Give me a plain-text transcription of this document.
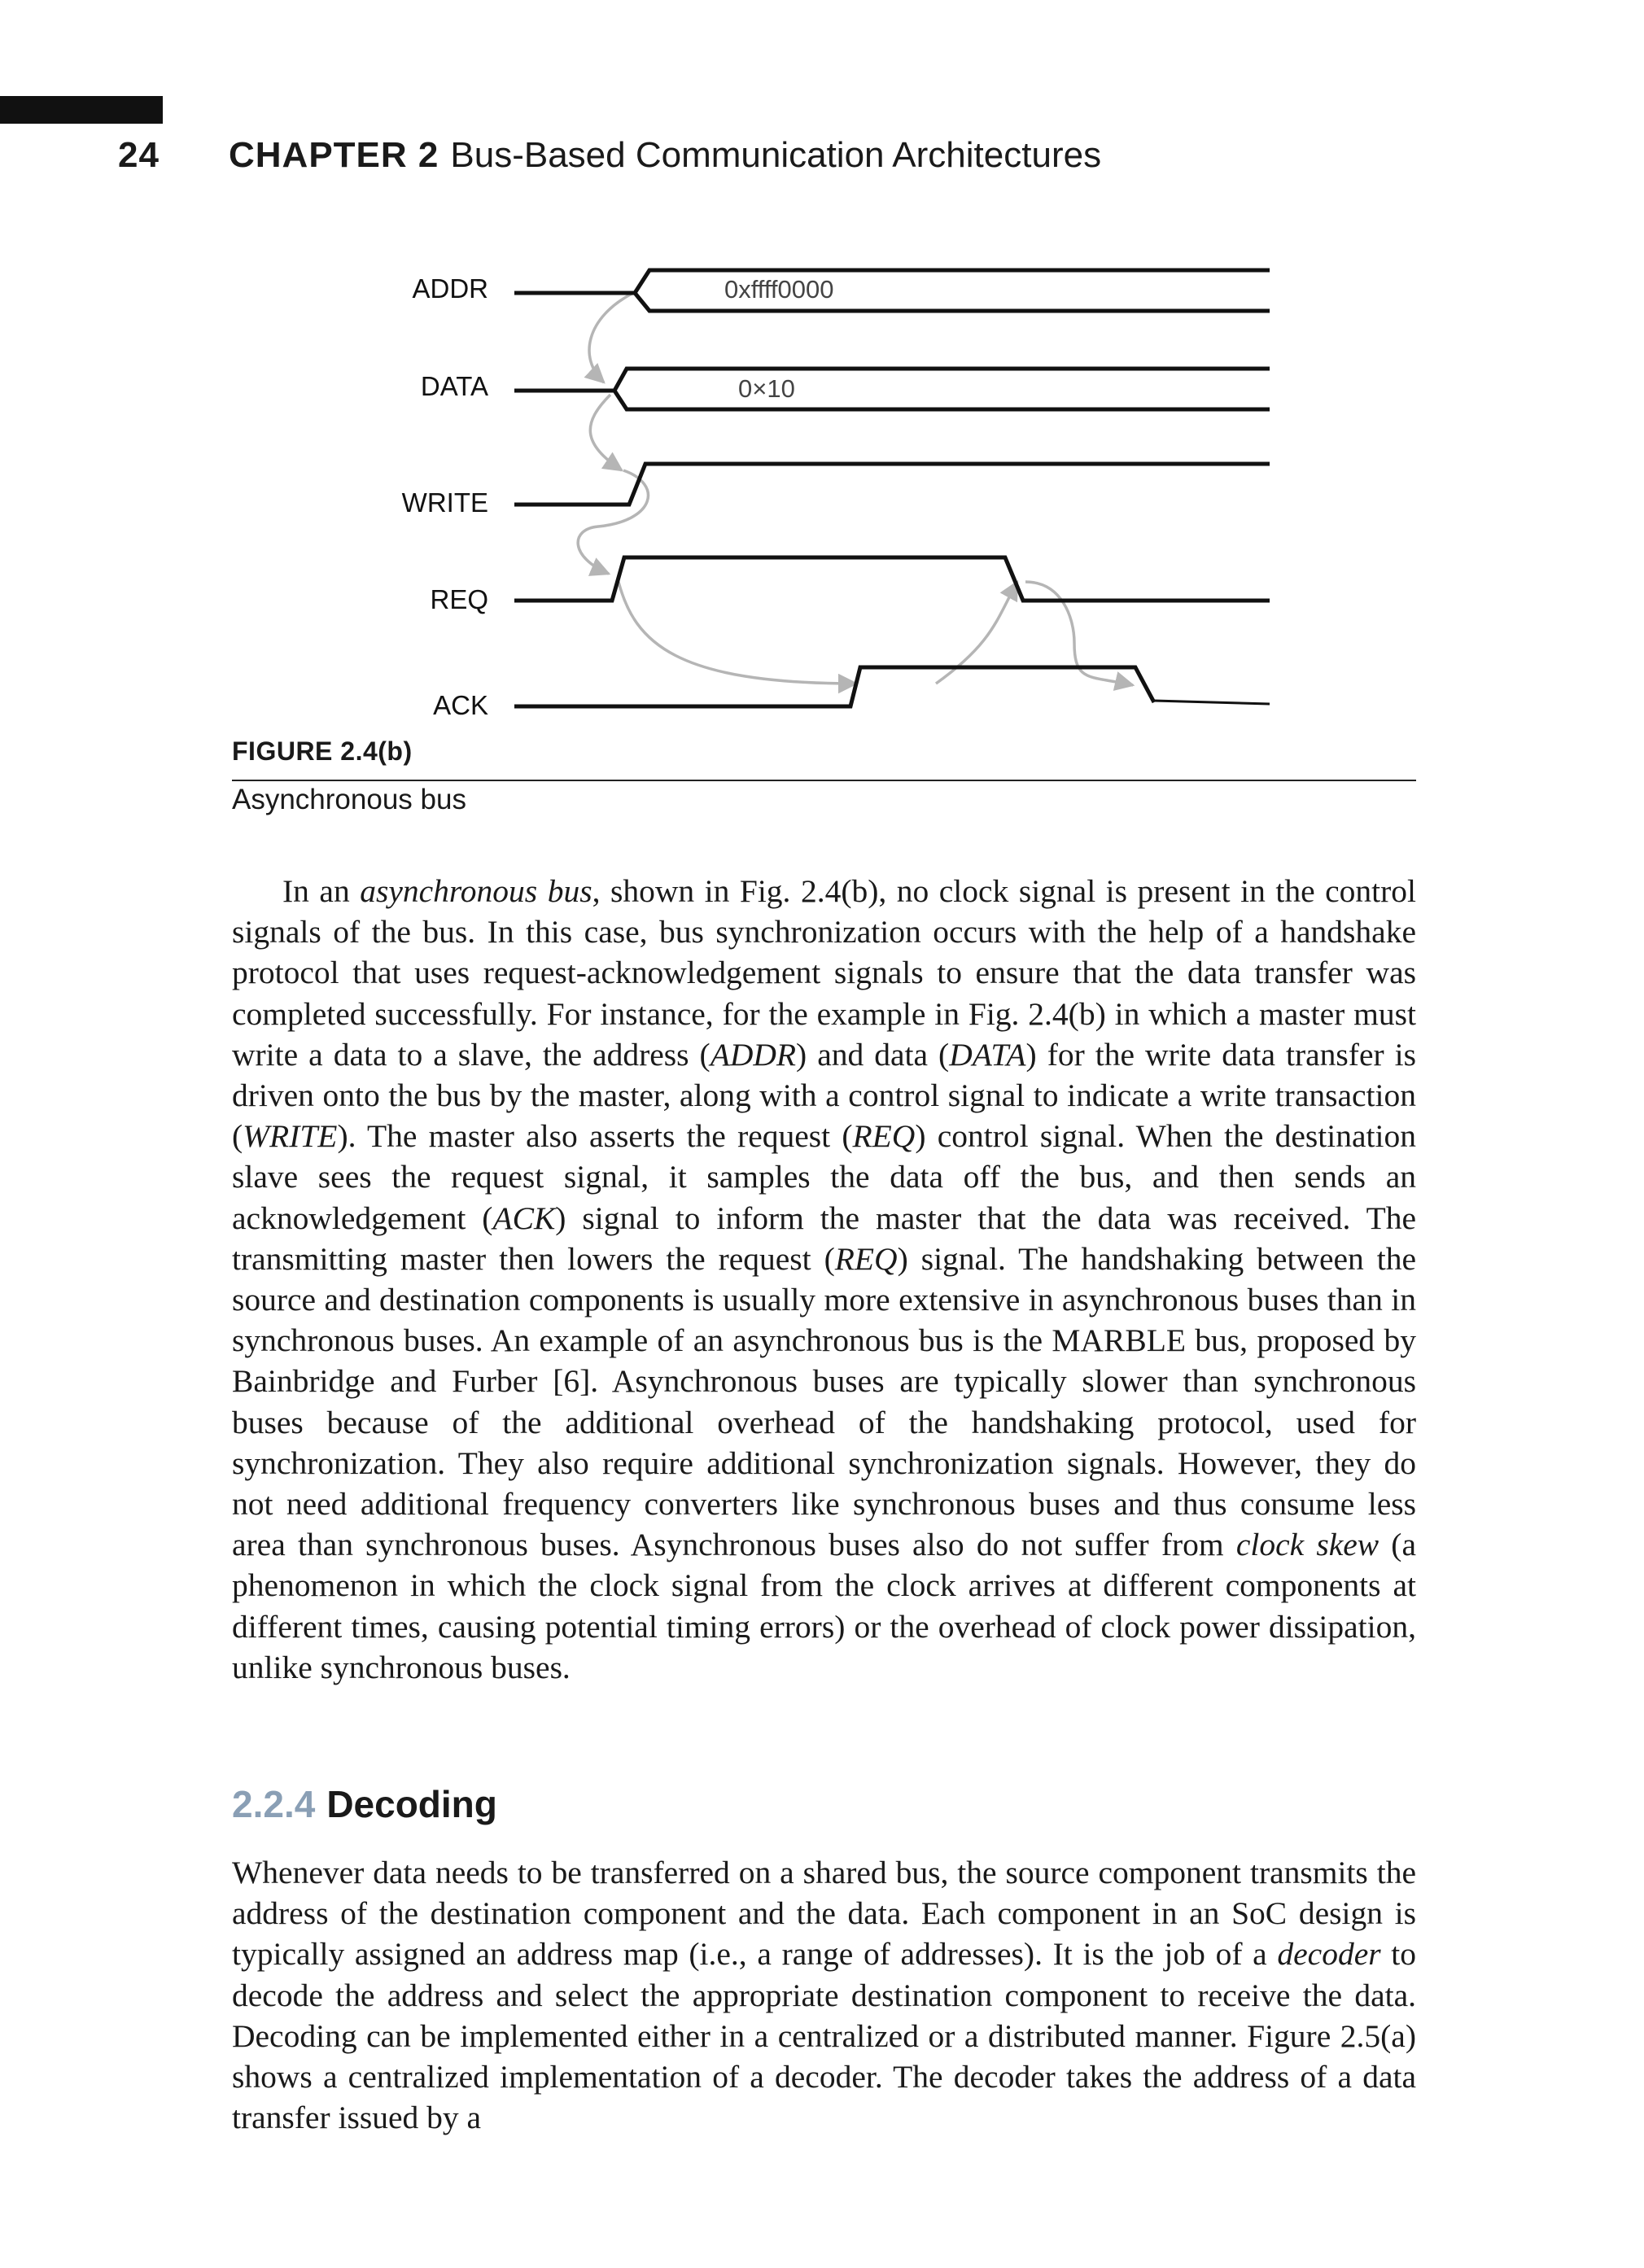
24	CHAPTER 2 Bus-Based Communication Architectures
ADDR
DATA
WRITE
REQ
ACK
0xffff0000
0×10
FIGURE 2.4(b)
Asynchronous bus
In an asynchronous bus, shown in Fig. 2.4(b), no clock signal is present in the control signals of the bus. In this case, bus synchronization occurs with the help of a handshake protocol that uses request-acknowledgement signals to ensure that the data transfer was completed successfully. For instance, for the example in Fig. 2.4(b) in which a master must write a data to a slave, the address (ADDR) and data (DATA) for the write data transfer is driven onto the bus by the master, along with a control signal to indicate a write transaction (WRITE). The master also asserts the request (REQ) control signal. When the destination slave sees the request signal, it samples the data off the bus, and then sends an acknowledgement (ACK) signal to inform the master that the data was received. The transmitting master then lowers the request (REQ) signal. The handshaking between the source and destination components is usually more extensive in asynchronous buses than in synchronous buses. An example of an asynchronous bus is the MARBLE bus, proposed by Bainbridge and Furber [6]. Asynchronous buses are typically slower than synchronous buses because of the additional overhead of the handshaking protocol, used for synchronization. They also require additional synchronization signals. However, they do not need additional frequency converters like synchronous buses and thus consume less area than synchronous buses. Asynchronous buses also do not suffer from clock skew (a phenomenon in which the clock signal from the clock arrives at different components at different times, causing potential timing errors) or the overhead of clock power dissipation, unlike synchronous buses.
2.2.4 Decoding
Whenever data needs to be transferred on a shared bus, the source component transmits the address of the destination component and the data. Each component in an SoC design is typically assigned an address map (i.e., a range of addresses). It is the job of a decoder to decode the address and select the appropriate destination component to receive the data. Decoding can be implemented either in a centralized or a distributed manner. Figure 2.5(a) shows a centralized implementation of a decoder. The decoder takes the address of a data transfer issued by a
